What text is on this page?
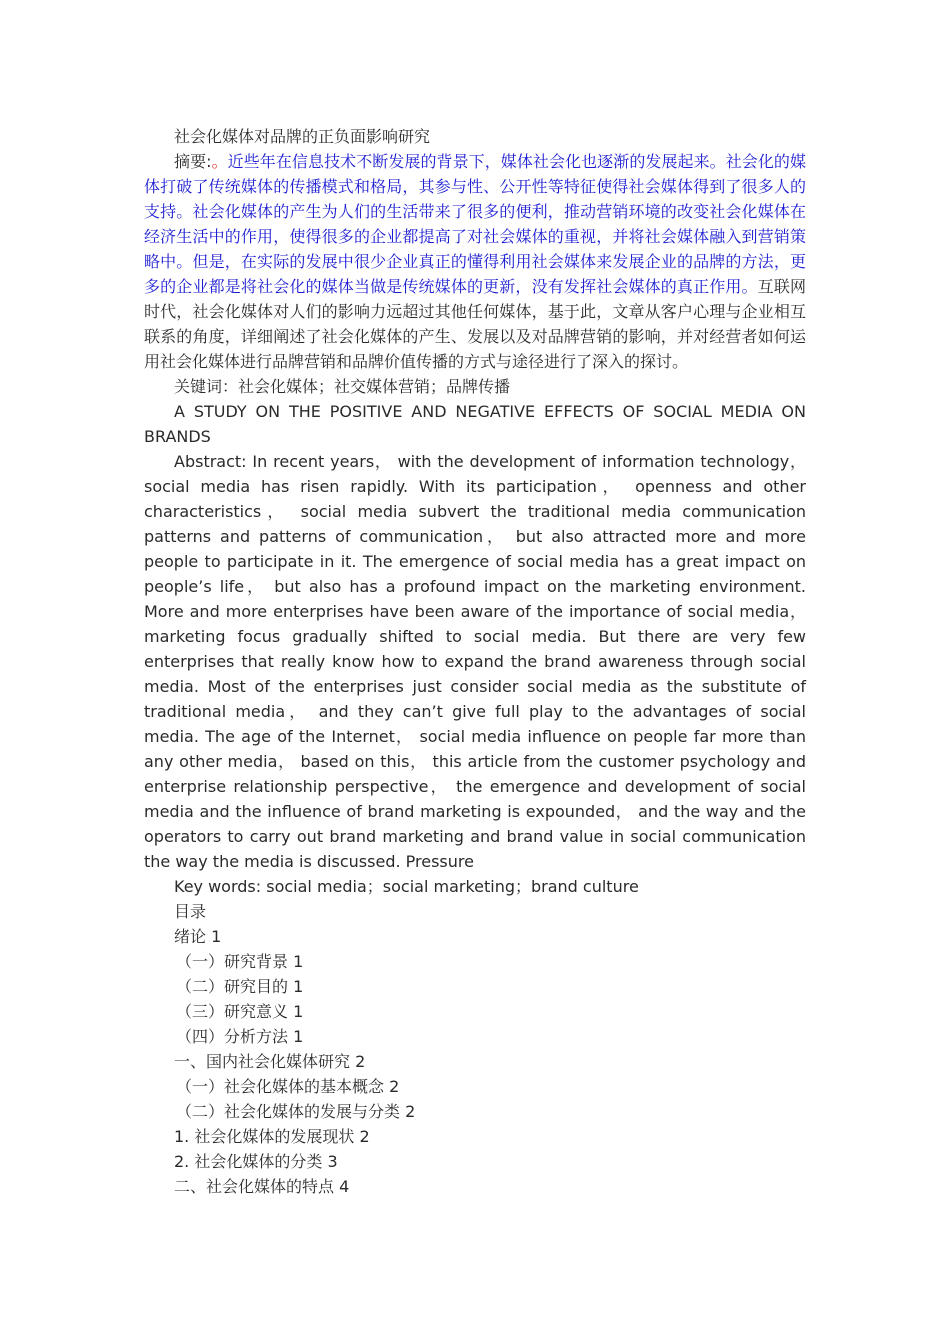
社会化媒体对品牌的正负面影响研究

摘要:。近些年在信息技术不断发展的背景下，媒体社会化也逐渐的发展起来。社会化的媒体打破了传统媒体的传播模式和格局，其参与性、公开性等特征使得社会媒体得到了很多人的支持。社会化媒体的产生为人们的生活带来了很多的便利，推动营销环境的改变社会化媒体在经济生活中的作用，使得很多的企业都提高了对社会媒体的重视，并将社会媒体融入到营销策略中。但是，在实际的发展中很少企业真正的懂得利用社会媒体来发展企业的品牌的方法，更多的企业都是将社会化的媒体当做是传统媒体的更新，没有发挥社会媒体的真正作用。互联网时代，社会化媒体对人们的影响力远超过其他任何媒体，基于此，文章从客户心理与企业相互联系的角度，详细阐述了社会化媒体的产生、发展以及对品牌营销的影响，并对经营者如何运用社会化媒体进行品牌营销和品牌价值传播的方式与途径进行了深入的探讨。

关键词：社会化媒体；社交媒体营销；品牌传播

A STUDY ON THE POSITIVE AND NEGATIVE EFFECTS OF SOCIAL MEDIA ON BRANDS

Abstract: In recent years， with the development of information technology，social media has risen rapidly. With its participation， openness and other characteristics， social media subvert the traditional media communication patterns and patterns of communication， but also attracted more and more people to participate in it. The emergence of social media has a great impact on people’s life， but also has a profound impact on the marketing environment. More and more enterprises have been aware of the importance of social media，marketing focus gradually shifted to social media. But there are very few enterprises that really know how to expand the brand awareness through social media. Most of the enterprises just consider social media as the substitute of traditional media， and they can’t give full play to the advantages of social media. The age of the Internet， social media influence on people far more than any other media， based on this， this article from the customer psychology and enterprise relationship perspective， the emergence and development of social media and the influence of brand marketing is expounded， and the way and the operators to carry out brand marketing and brand value in social communication the way the media is discussed. Pressure

Key words: social media；social marketing；brand culture

目录

绪论 1

（一）研究背景 1

（二）研究目的 1

（三）研究意义 1

（四）分析方法 1

一、国内社会化媒体研究 2

（一）社会化媒体的基本概念 2

（二）社会化媒体的发展与分类 2

1. 社会化媒体的发展现状 2

2. 社会化媒体的分类 3

二、社会化媒体的特点 4
